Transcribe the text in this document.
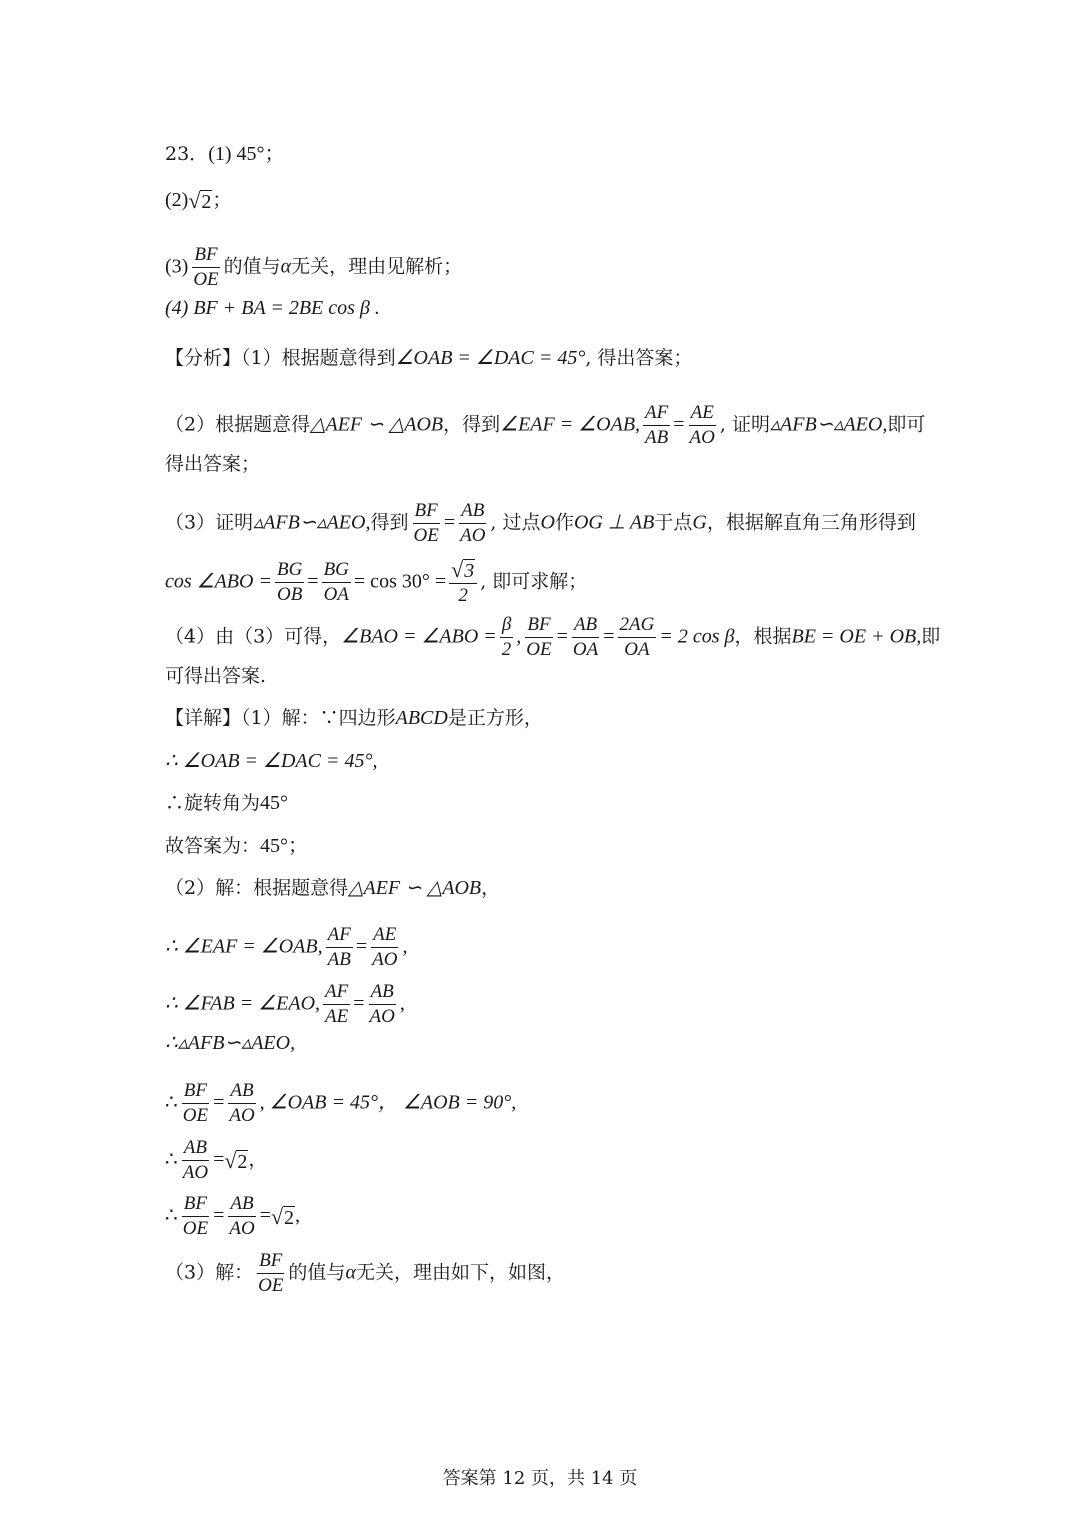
23．(1) 45°；
(2) √ 2 ；
$(3) \frac{BF}{OE}$ 的值与α无关，理由见解析；
(4) BF + BA = 2BE cos β .
【分析】（1）根据题意得到∠OAB = ∠DAC = 45°, 得出答案；
（2）根据题意得△AEF ∽ △AOB，得到∠EAF = ∠OAB, $\frac{AF}{AB} = \frac{AE}{AO}$ , 证明▵AFB∽▵AEO,即可
得出答案；
（3）证明▵AFB∽▵AEO,得到 $\frac{BF}{OE} = \frac{AB}{AO}$ , 过点O作OG ⊥ AB于点G，根据解直角三角形得到
cos ∠ABO = $\frac{BG}{OB} = \frac{BG}{OA} = \cos 30^\circ = \frac{√ 3}{2}$ , 即可求解；
（4）由（3）可得，∠BAO = ∠ABO = $\frac{\beta}{2}$ , $\frac{BF}{OE} = \frac{AB}{OA} = \frac{2AG}{OA} = 2$ cos β，根据BE = OE + OB,即
可得出答案.
【详解】（1）解：∵四边形ABCD是正方形，
∴ ∠OAB = ∠DAC = 45°,
∴旋转角为45°
故答案为：45°；
（2）解：根据题意得△AEF ∽ △AOB，
∴ ∠EAF = ∠OAB, $\frac{AF}{AB} = \frac{AE}{AO}$ ,
∴ ∠FAB = ∠EAO, $\frac{AF}{AE} = \frac{AB}{AO}$ ,
∴▵AFB∽▵AEO,
∴ $\frac{BF}{OE} = \frac{AB}{AO}$ , ∠OAB = 45°， ∠AOB = 90°,
∴ $\frac{AB}{AO}$ = √ 2 ，
∴ $\frac{BF}{OE} = \frac{AB}{AO}$ = √ 2 ,
（3）解： $\frac{BF}{OE}$ 的值与α无关，理由如下，如图，
答案第 12 页，共 14 页
